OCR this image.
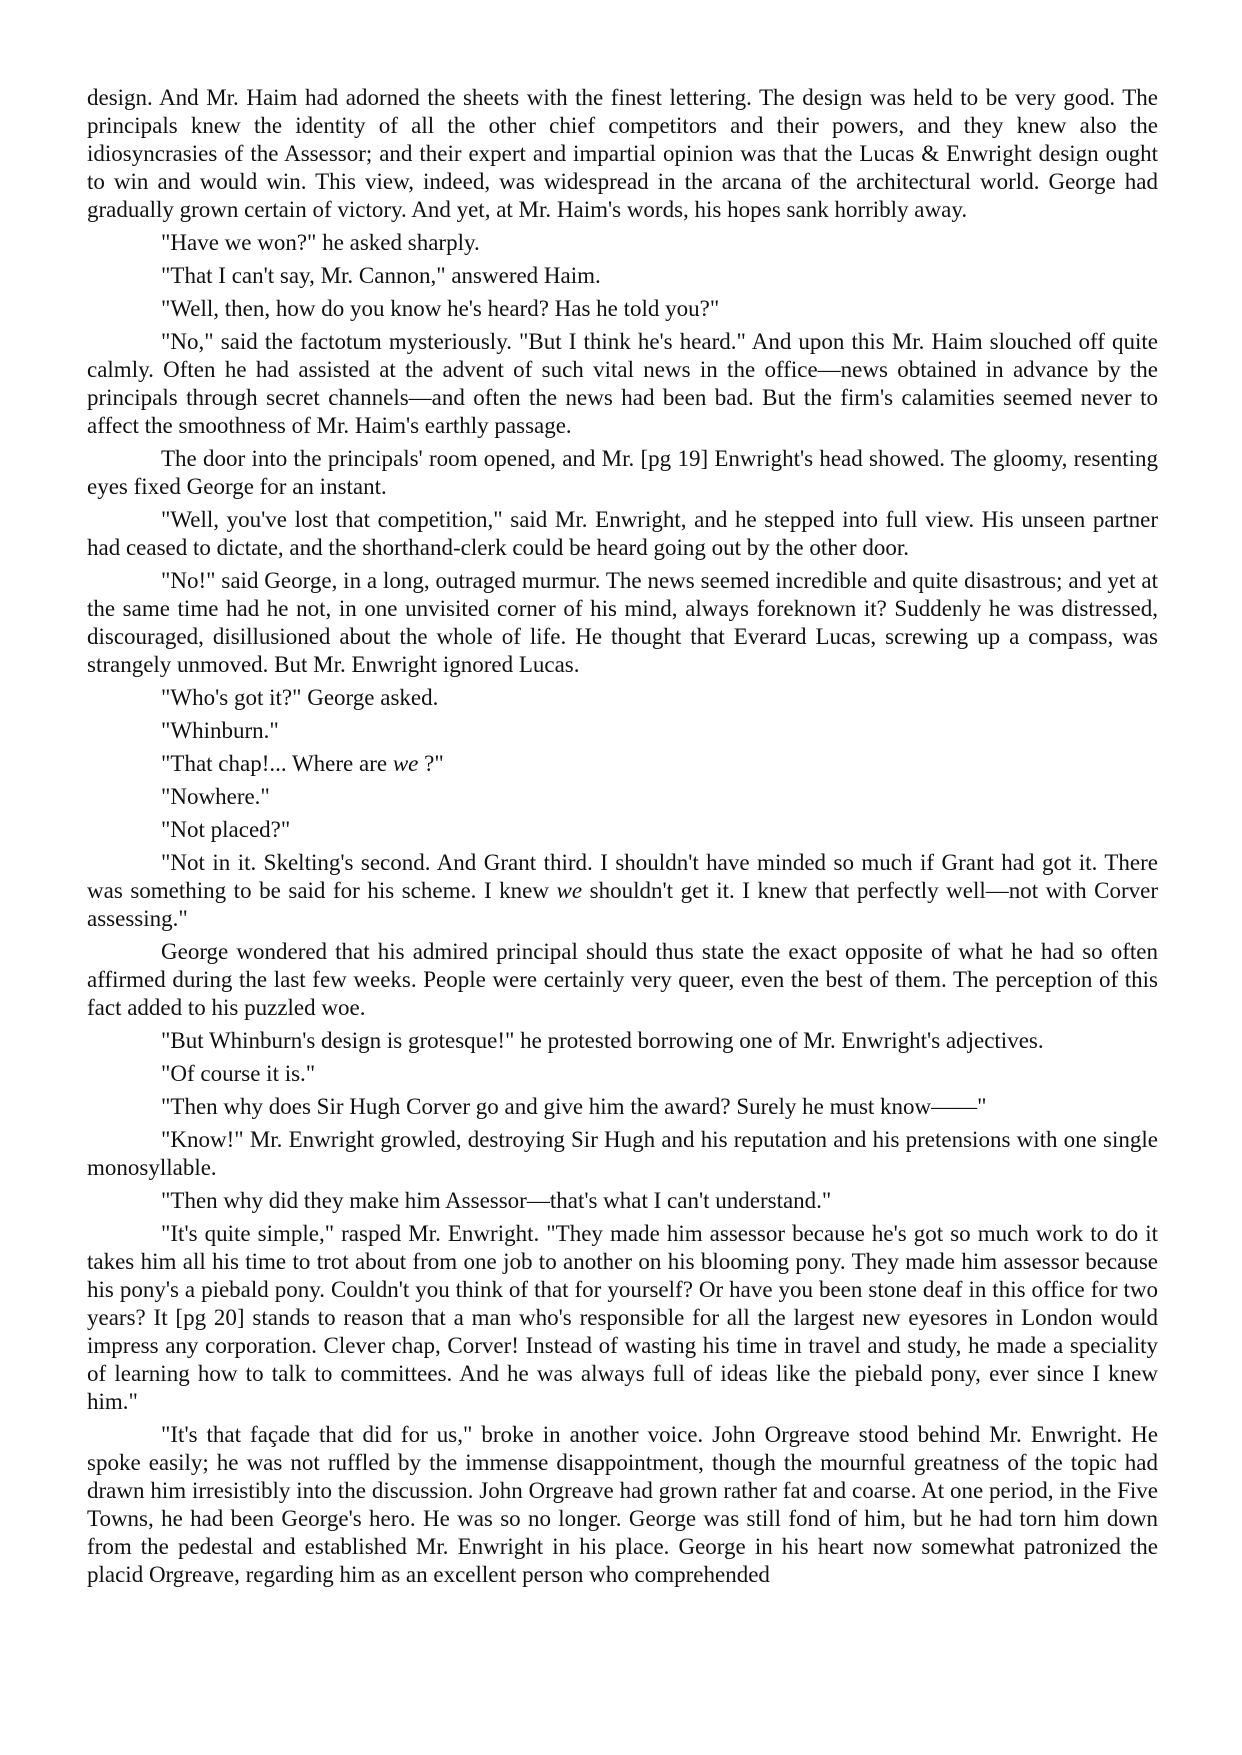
design. And Mr. Haim had adorned the sheets with the finest lettering. The design was held to be very good. The principals knew the identity of all the other chief competitors and their powers, and they knew also the idiosyncrasies of the Assessor; and their expert and impartial opinion was that the Lucas & Enwright design ought to win and would win. This view, indeed, was widespread in the arcana of the architectural world. George had gradually grown certain of victory. And yet, at Mr. Haim's words, his hopes sank horribly away.

"Have we won?" he asked sharply.

"That I can't say, Mr. Cannon," answered Haim.

"Well, then, how do you know he's heard? Has he told you?"

"No," said the factotum mysteriously. "But I think he's heard." And upon this Mr. Haim slouched off quite calmly. Often he had assisted at the advent of such vital news in the office—news obtained in advance by the principals through secret channels—and often the news had been bad. But the firm's calamities seemed never to affect the smoothness of Mr. Haim's earthly passage.

The door into the principals' room opened, and Mr. [pg 19] Enwright's head showed. The gloomy, resenting eyes fixed George for an instant.

"Well, you've lost that competition," said Mr. Enwright, and he stepped into full view. His unseen partner had ceased to dictate, and the shorthand-clerk could be heard going out by the other door.

"No!" said George, in a long, outraged murmur. The news seemed incredible and quite disastrous; and yet at the same time had he not, in one unvisited corner of his mind, always foreknown it? Suddenly he was distressed, discouraged, disillusioned about the whole of life. He thought that Everard Lucas, screwing up a compass, was strangely unmoved. But Mr. Enwright ignored Lucas.

"Who's got it?" George asked.

"Whinburn."

"That chap!... Where are we ?"

"Nowhere."

"Not placed?"

"Not in it. Skelting's second. And Grant third. I shouldn't have minded so much if Grant had got it. There was something to be said for his scheme. I knew we shouldn't get it. I knew that perfectly well—not with Corver assessing."

George wondered that his admired principal should thus state the exact opposite of what he had so often affirmed during the last few weeks. People were certainly very queer, even the best of them. The perception of this fact added to his puzzled woe.

"But Whinburn's design is grotesque!" he protested borrowing one of Mr. Enwright's adjectives.

"Of course it is."

"Then why does Sir Hugh Corver go and give him the award? Surely he must know——"

"Know!" Mr. Enwright growled, destroying Sir Hugh and his reputation and his pretensions with one single monosyllable.

"Then why did they make him Assessor—that's what I can't understand."

"It's quite simple," rasped Mr. Enwright. "They made him assessor because he's got so much work to do it takes him all his time to trot about from one job to another on his blooming pony. They made him assessor because his pony's a piebald pony. Couldn't you think of that for yourself? Or have you been stone deaf in this office for two years? It [pg 20] stands to reason that a man who's responsible for all the largest new eyesores in London would impress any corporation. Clever chap, Corver! Instead of wasting his time in travel and study, he made a speciality of learning how to talk to committees. And he was always full of ideas like the piebald pony, ever since I knew him."

"It's that façade that did for us," broke in another voice. John Orgreave stood behind Mr. Enwright. He spoke easily; he was not ruffled by the immense disappointment, though the mournful greatness of the topic had drawn him irresistibly into the discussion. John Orgreave had grown rather fat and coarse. At one period, in the Five Towns, he had been George's hero. He was so no longer. George was still fond of him, but he had torn him down from the pedestal and established Mr. Enwright in his place. George in his heart now somewhat patronized the placid Orgreave, regarding him as an excellent person who comprehended
